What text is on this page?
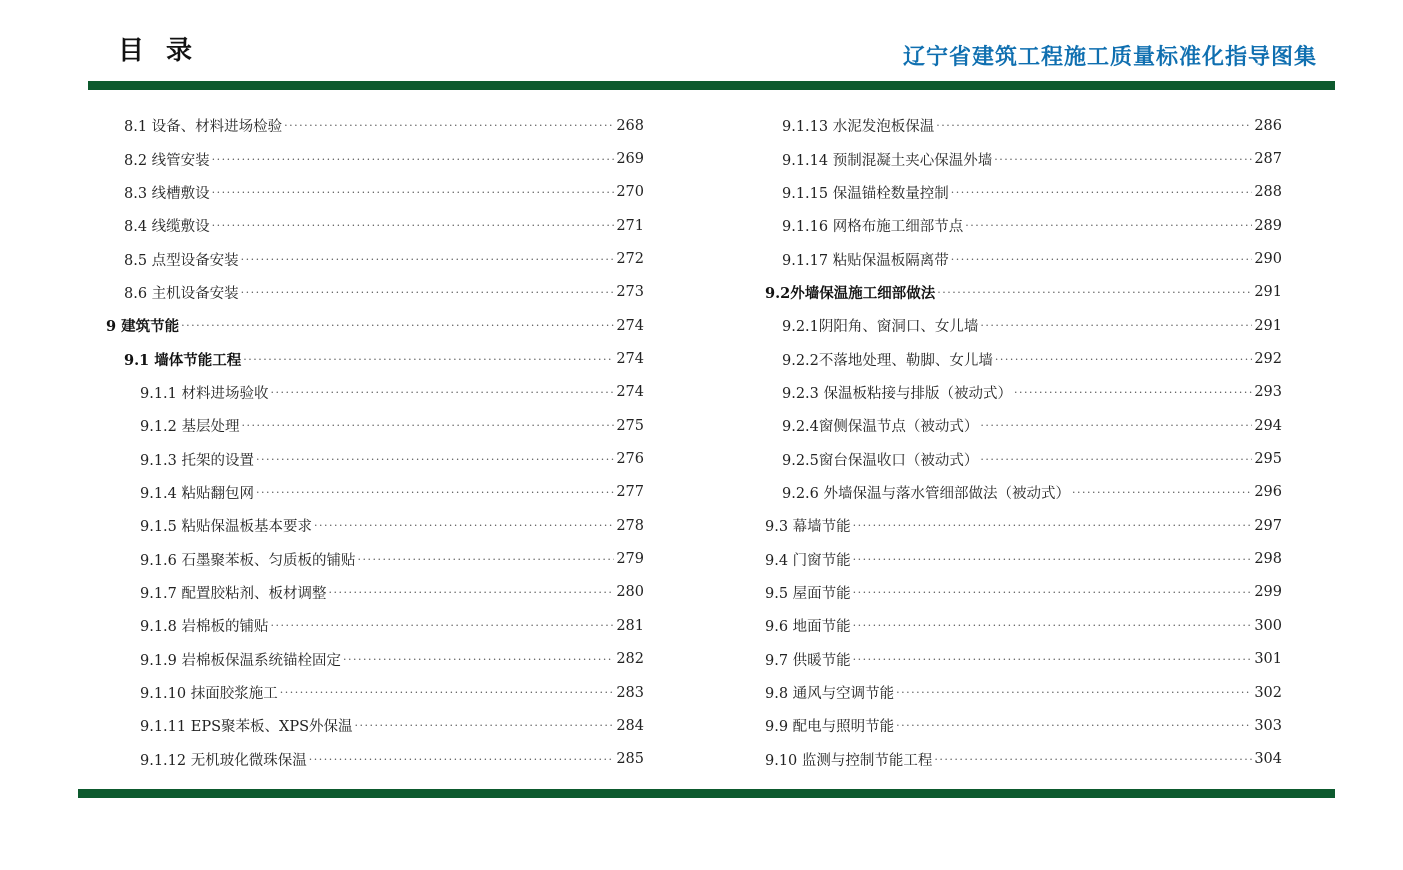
目录	辽宁省建筑工程施工质量标准化指导图集
8.1 设备、材料进场检验 ·····	268
8.2 线管安装 ·····	269
8.3 线槽敷设 ·····	270
8.4 线缆敷设 ·····	271
8.5 点型设备安装 ·····	272
8.6 主机设备安装 ·····	273
9 建筑节能 ·····	274
9.1 墙体节能工程 ·····	274
9.1.1 材料进场验收 ·····	274
9.1.2 基层处理 ·····	275
9.1.3 托架的设置 ·····	276
9.1.4 粘贴翻包网 ·····	277
9.1.5 粘贴保温板基本要求 ·····	278
9.1.6 石墨聚苯板、匀质板的铺贴 ·····	279
9.1.7 配置胶粘剂、板材调整 ·····	280
9.1.8 岩棉板的铺贴 ·····	281
9.1.9 岩棉板保温系统锚栓固定 ·····	282
9.1.10 抹面胶浆施工 ·····	283
9.1.11 EPS聚苯板、XPS外保温 ·····	284
9.1.12 无机玻化微珠保温 ·····	285
9.1.13 水泥发泡板保温 ·····	286
9.1.14 预制混凝土夹心保温外墙 ·····	287
9.1.15 保温锚栓数量控制 ·····	288
9.1.16 网格布施工细部节点 ·····	289
9.1.17 粘贴保温板隔离带 ·····	290
9.2外墙保温施工细部做法 ·····	291
9.2.1阴阳角、窗洞口、女儿墙 ·····	291
9.2.2不落地处理、勒脚、女儿墙 ·····	292
9.2.3 保温板粘接与排版（被动式） ·····	293
9.2.4窗侧保温节点（被动式） ·····	294
9.2.5窗台保温收口（被动式） ·····	295
9.2.6 外墙保温与落水管细部做法（被动式） ·····	296
9.3 幕墙节能 ·····	297
9.4 门窗节能 ·····	298
9.5 屋面节能 ·····	299
9.6 地面节能 ·····	300
9.7 供暖节能 ·····	301
9.8 通风与空调节能 ·····	302
9.9 配电与照明节能 ·····	303
9.10 监测与控制节能工程 ·····	304
